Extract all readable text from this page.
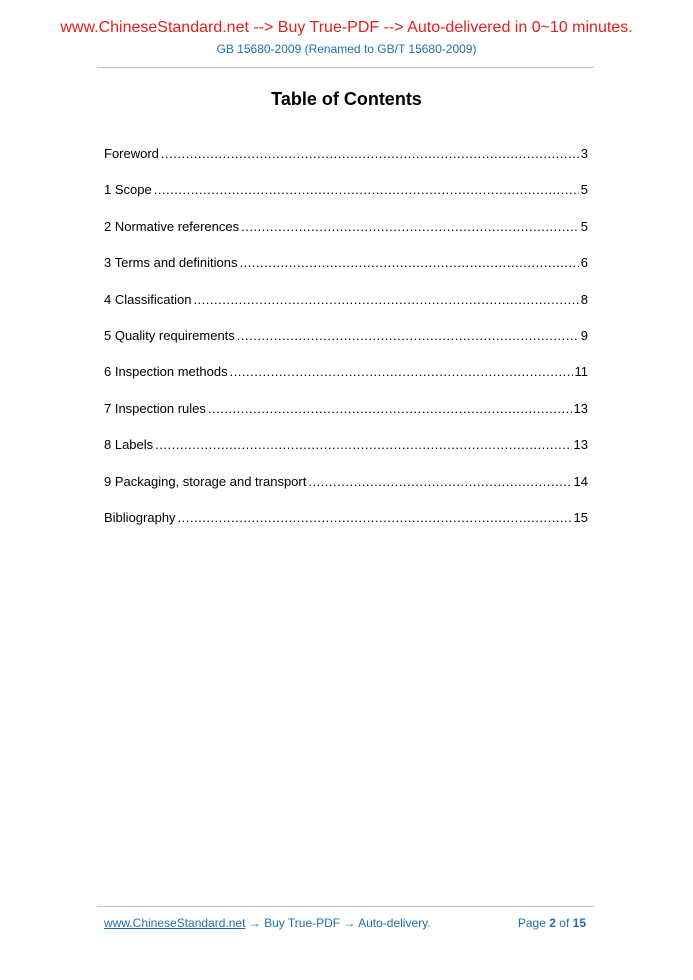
www.ChineseStandard.net --> Buy True-PDF --> Auto-delivered in 0~10 minutes.
GB 15680-2009 (Renamed to GB/T 15680-2009)
Table of Contents
Foreword .....	3
1 Scope .....	5
2 Normative references .....	5
3 Terms and definitions .....	6
4 Classification .....	8
5 Quality requirements .....	9
6 Inspection methods .....	11
7 Inspection rules .....	13
8 Labels .....	13
9 Packaging, storage and transport .....	14
Bibliography .....	15
www.ChineseStandard.net → Buy True-PDF → Auto-delivery.	Page 2 of 15
